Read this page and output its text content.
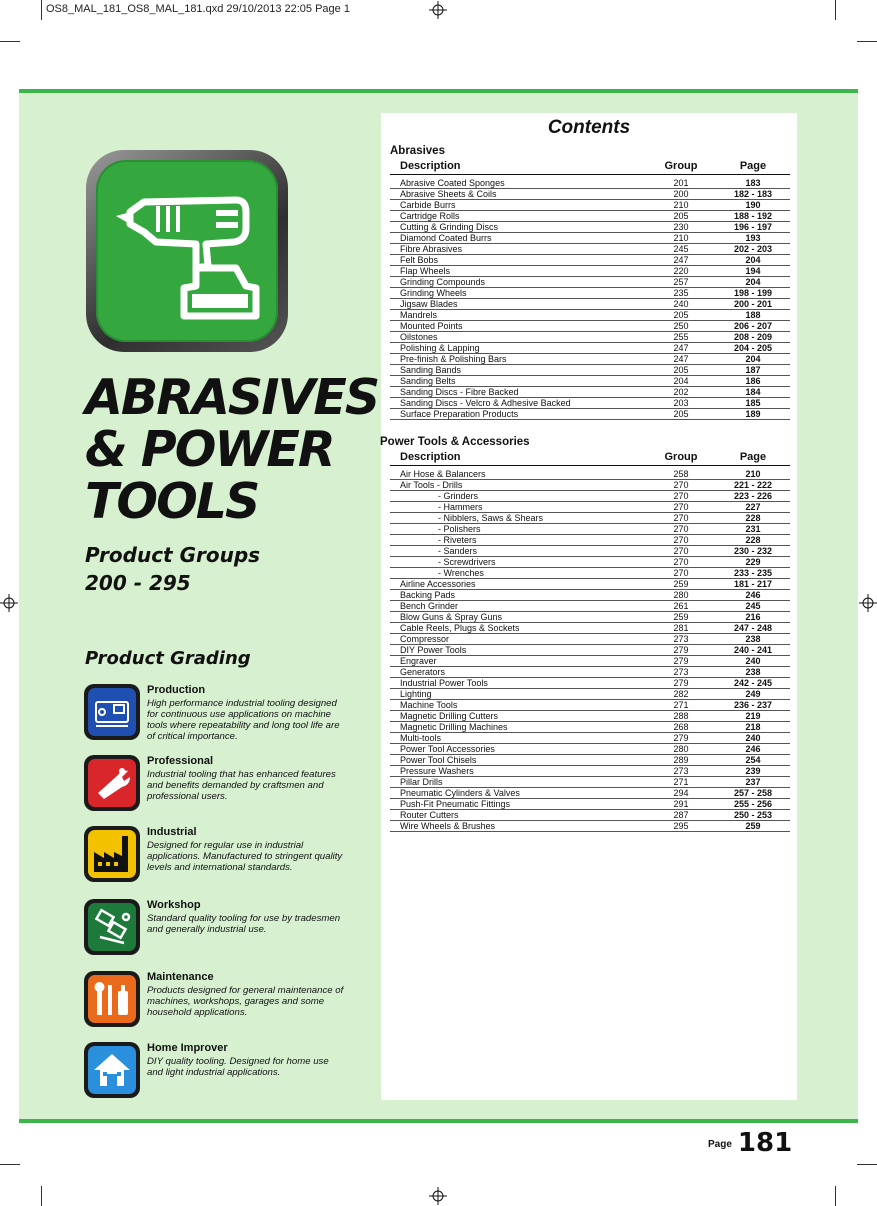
OS8_MAL_181_OS8_MAL_181.qxd 29/10/2013 22:05 Page 1
ABRASIVES
& POWER
TOOLS
Product Groups
200 - 295
Product Grading
Production
High performance industrial tooling designed for continuous use applications on machine tools where repeatability and long tool life are of critical importance.
Professional
Industrial tooling that has enhanced features and benefits demanded by craftsmen and professional users.
Industrial
Designed for regular use in industrial applications. Manufactured to stringent quality levels and international standards.
Workshop
Standard quality tooling for use by tradesmen and generally industrial use.
Maintenance
Products designed for general maintenance of machines, workshops, garages and some household applications.
Home Improver
DIY quality tooling. Designed for home use and light industrial applications.
Contents
Abrasives
Description	Group	Page
Abrasive Coated Sponges	201	183
Abrasive Sheets & Coils	200	182 - 183
Carbide Burrs	210	190
Cartridge Rolls	205	188 - 192
Cutting & Grinding Discs	230	196 - 197
Diamond Coated Burrs	210	193
Fibre Abrasives	245	202 - 203
Felt Bobs	247	204
Flap Wheels	220	194
Grinding Compounds	257	204
Grinding Wheels	235	198 - 199
Jigsaw Blades	240	200 - 201
Mandrels	205	188
Mounted Points	250	206 - 207
Oilstones	255	208 - 209
Polishing & Lapping	247	204 - 205
Pre-finish & Polishing Bars	247	204
Sanding Bands	205	187
Sanding Belts	204	186
Sanding Discs - Fibre Backed	202	184
Sanding Discs - Velcro & Adhesive Backed	203	185
Surface Preparation Products	205	189
Power Tools & Accessories
Description	Group	Page
Air Hose & Balancers	258	210
Air Tools - Drills	270	221 - 222
- Grinders	270	223 - 226
- Hammers	270	227
- Nibblers, Saws & Shears	270	228
- Polishers	270	231
- Riveters	270	228
- Sanders	270	230 - 232
- Screwdrivers	270	229
- Wrenches	270	233 - 235
Airline Accessories	259	181 - 217
Backing Pads	280	246
Bench Grinder	261	245
Blow Guns & Spray Guns	259	216
Cable Reels, Plugs & Sockets	281	247 - 248
Compressor	273	238
DIY Power Tools	279	240 - 241
Engraver	279	240
Generators	273	238
Industrial Power Tools	279	242 - 245
Lighting	282	249
Machine Tools	271	236 - 237
Magnetic Drilling Cutters	288	219
Magnetic Drilling Machines	268	218
Multi-tools	279	240
Power Tool Accessories	280	246
Power Tool Chisels	289	254
Pressure Washers	273	239
Pillar Drills	271	237
Pneumatic Cylinders & Valves	294	257 - 258
Push-Fit Pneumatic Fittings	291	255 - 256
Router Cutters	287	250 - 253
Wire Wheels & Brushes	295	259
$^{Page}$ 181
